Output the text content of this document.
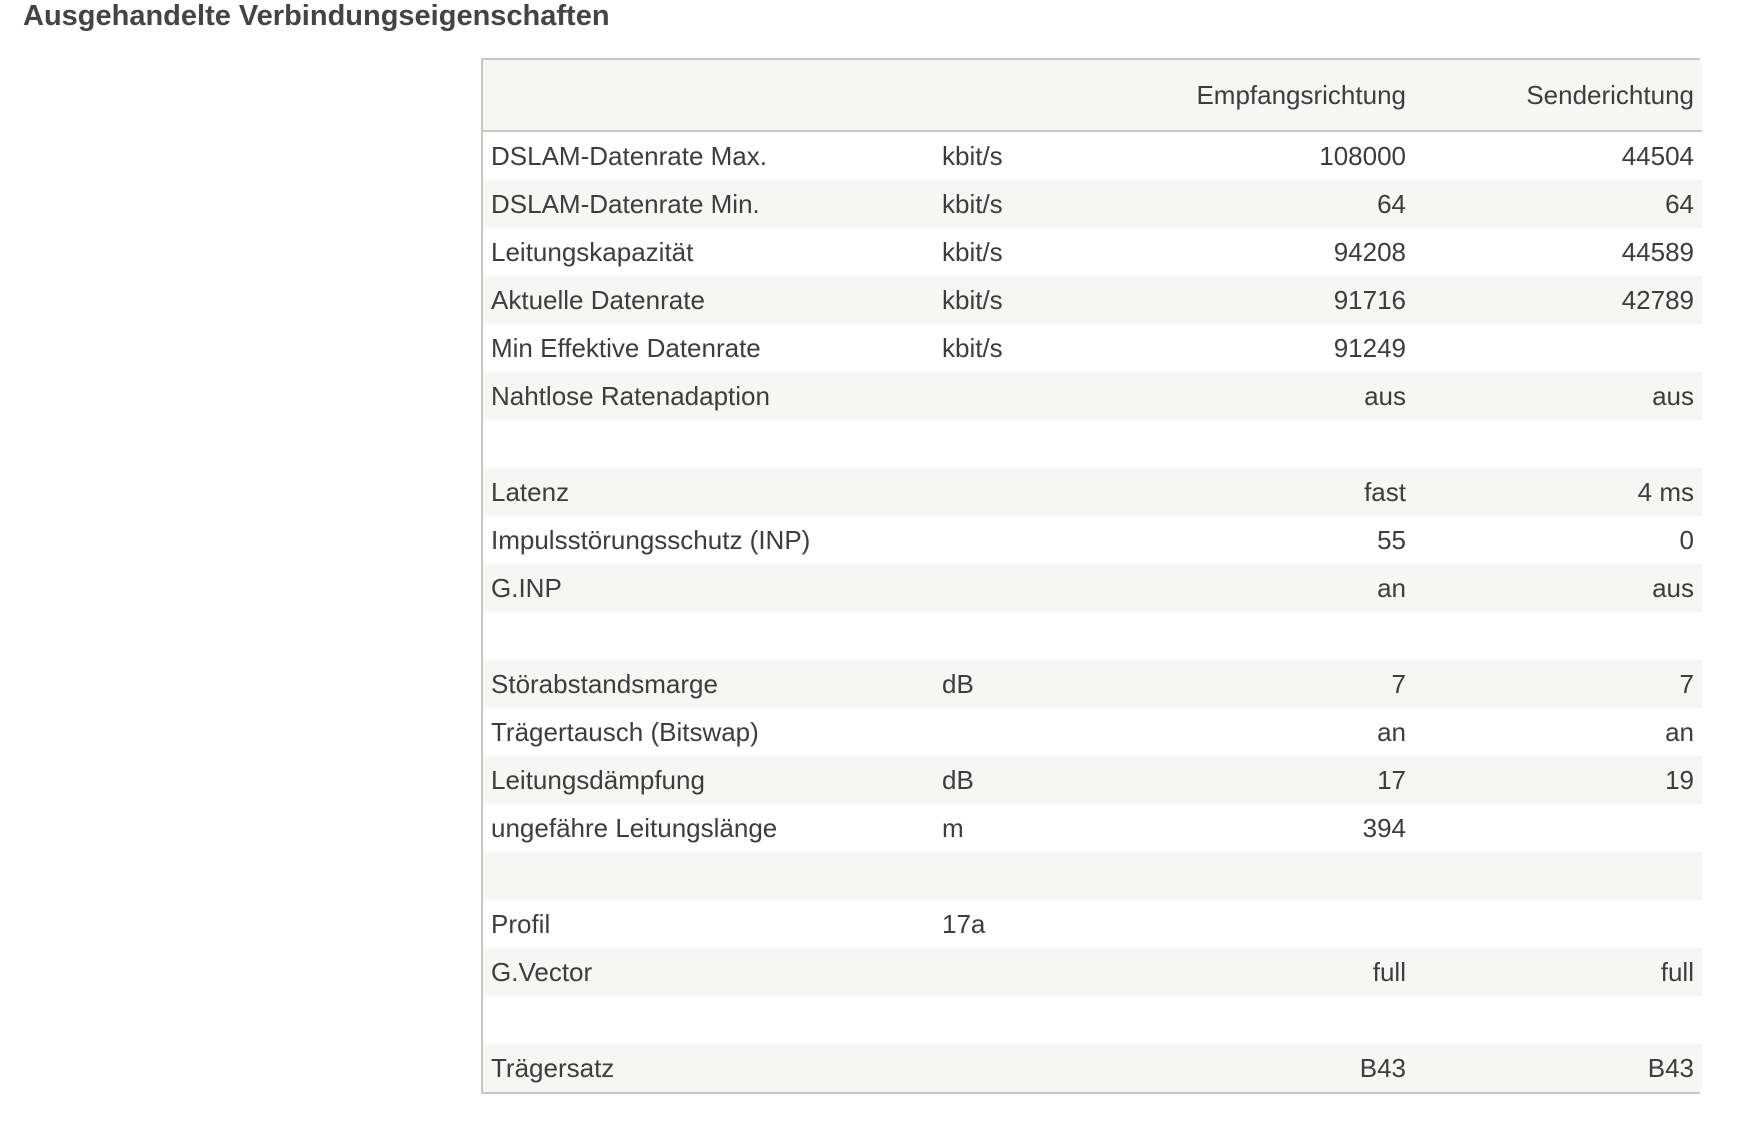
Ausgehandelte Verbindungseigenschaften
		Empfangsrichtung	Senderichtung
DSLAM-Datenrate Max.	kbit/s	108000	44504
DSLAM-Datenrate Min.	kbit/s	64	64
Leitungskapazität	kbit/s	94208	44589
Aktuelle Datenrate	kbit/s	91716	42789
Min Effektive Datenrate	kbit/s	91249	
Nahtlose Ratenadaption		aus	aus

Latenz		fast	4 ms
Impulsstörungsschutz (INP)		55	0
G.INP		an	aus

Störabstandsmarge	dB	7	7
Trägertausch (Bitswap)		an	an
Leitungsdämpfung	dB	17	19
ungefähre Leitungslänge	m	394	

Profil	17a		
G.Vector		full	full

Trägersatz		B43	B43
